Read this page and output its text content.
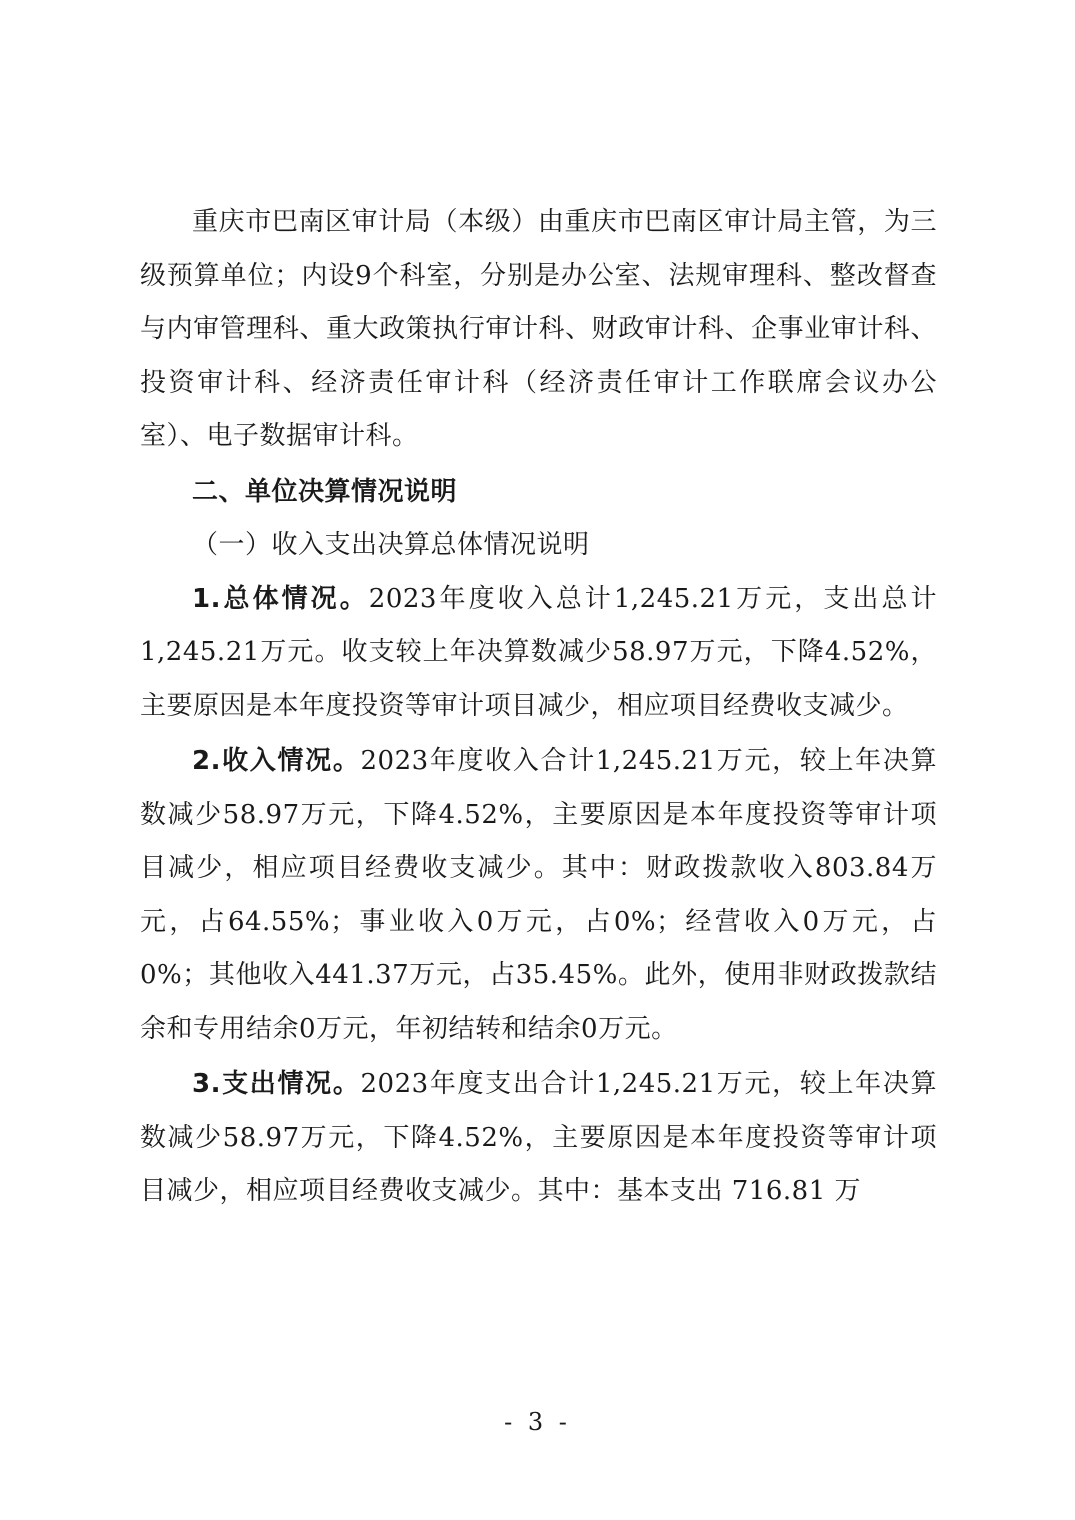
重庆市巴南区审计局（本级）由重庆市巴南区审计局主管，为三级预算单位；内设9个科室，分别是办公室、法规审理科、整改督查与内审管理科、重大政策执行审计科、财政审计科、企事业审计科、投资审计科、经济责任审计科（经济责任审计工作联席会议办公室）、电子数据审计科。

二、单位决算情况说明

（一）收入支出决算总体情况说明

1.总体情况。2023年度收入总计1,245.21万元，支出总计1,245.21万元。收支较上年决算数减少58.97万元，下降4.52%，主要原因是本年度投资等审计项目减少，相应项目经费收支减少。

2.收入情况。2023年度收入合计1,245.21万元，较上年决算数减少58.97万元，下降4.52%，主要原因是本年度投资等审计项目减少，相应项目经费收支减少。其中：财政拨款收入803.84万元，占64.55%；事业收入0万元，占0%；经营收入0万元，占0%；其他收入441.37万元，占35.45%。此外，使用非财政拨款结余和专用结余0万元，年初结转和结余0万元。

3.支出情况。2023年度支出合计1,245.21万元，较上年决算数减少58.97万元，下降4.52%，主要原因是本年度投资等审计项目减少，相应项目经费收支减少。其中：基本支出 716.81 万

- 3 -
